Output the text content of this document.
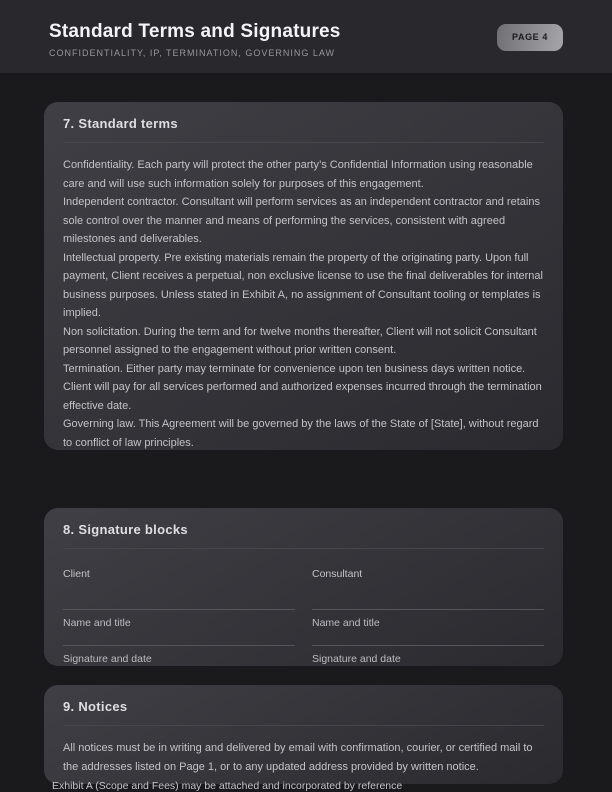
Standard Terms and Signatures
CONFIDENTIALITY, IP, TERMINATION, GOVERNING LAW
PAGE 4
7. Standard terms

Confidentiality. Each party will protect the other party’s Confidential Information using reasonable care and will use such information solely for purposes of this engagement.

Independent contractor. Consultant will perform services as an independent contractor and retains sole control over the manner and means of performing the services, consistent with agreed milestones and deliverables.

Intellectual property. Pre existing materials remain the property of the originating party. Upon full payment, Client receives a perpetual, non exclusive license to use the final deliverables for internal business purposes. Unless stated in Exhibit A, no assignment of Consultant tooling or templates is implied.

Non solicitation. During the term and for twelve months thereafter, Client will not solicit Consultant personnel assigned to the engagement without prior written consent.

Termination. Either party may terminate for convenience upon ten business days written notice. Client will pay for all services performed and authorized expenses incurred through the termination effective date.

Governing law. This Agreement will be governed by the laws of the State of [State], without regard to conflict of law principles.

8. Signature blocks
Client
Name and title
Signature and date
Consultant
Name and title
Signature and date
9. Notices

All notices must be in writing and delivered by email with confirmation, courier, or certified mail to the addresses listed on Page 1, or to any updated address provided by written notice.

Exhibit A (Scope and Fees) may be attached and incorporated by reference
